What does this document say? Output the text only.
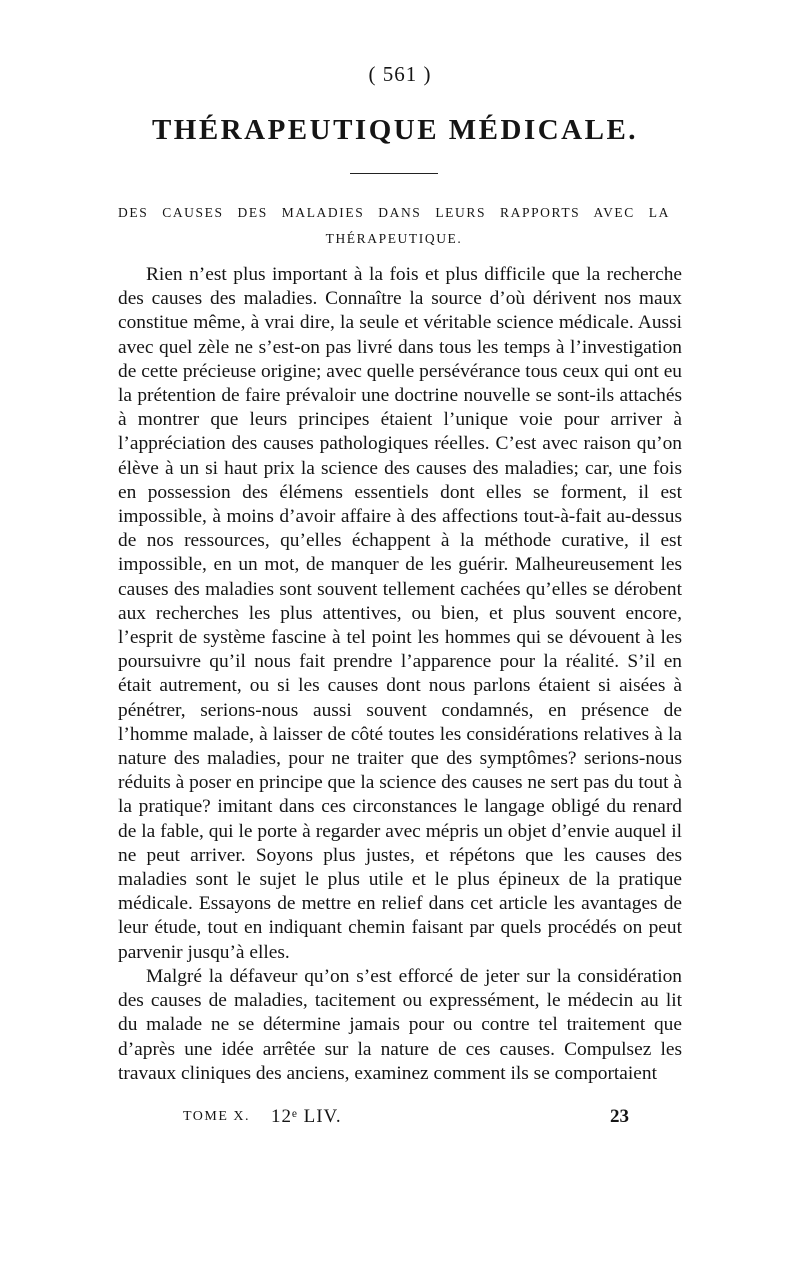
( 561 )
THÉRAPEUTIQUE MÉDICALE.
DES CAUSES DES MALADIES DANS LEURS RAPPORTS AVEC LA
THÉRAPEUTIQUE.

Rien n’est plus important à la fois et plus difficile que la recherche des causes des maladies. Connaître la source d’où dérivent nos maux constitue même, à vrai dire, la seule et véritable science médicale. Aussi avec quel zèle ne s’est-on pas livré dans tous les temps à l’investigation de cette précieuse origine; avec quelle persévérance tous ceux qui ont eu la prétention de faire prévaloir une doctrine nouvelle se sont-ils attachés à montrer que leurs principes étaient l’unique voie pour arriver à l’appréciation des causes pathologiques réelles. C’est avec raison qu’on élève à un si haut prix la science des causes des maladies; car, une fois en possession des élémens essentiels dont elles se forment, il est impossible, à moins d’avoir affaire à des affections tout-à-fait au-dessus de nos ressources, qu’elles échappent à la méthode curative, il est impossible, en un mot, de manquer de les guérir. Malheureusement les causes des maladies sont souvent tellement cachées qu’elles se dérobent aux recherches les plus attentives, ou bien, et plus souvent encore, l’esprit de système fascine à tel point les hommes qui se dévouent à les poursuivre qu’il nous fait prendre l’apparence pour la réalité. S’il en était autrement, ou si les causes dont nous parlons étaient si aisées à pénétrer, serions-nous aussi souvent condamnés, en présence de l’homme malade, à laisser de côté toutes les considérations relatives à la nature des maladies, pour ne traiter que des symptômes? serions-nous réduits à poser en principe que la science des causes ne sert pas du tout à la pratique? imitant dans ces circonstances le langage obligé du renard de la fable, qui le porte à regarder avec mépris un objet d’envie auquel il ne peut arriver. Soyons plus justes, et répétons que les causes des maladies sont le sujet le plus utile et le plus épineux de la pratique médicale. Essayons de mettre en relief dans cet article les avantages de leur étude, tout en indiquant chemin faisant par quels procédés on peut parvenir jusqu’à elles.

Malgré la défaveur qu’on s’est efforcé de jeter sur la considération des causes de maladies, tacitement ou expressément, le médecin au lit du malade ne se détermine jamais pour ou contre tel traitement que d’après une idée arrêtée sur la nature de ces causes. Compulsez les travaux cliniques des anciens, examinez comment ils se comportaient

TOME X. 12ᵉ LIV.	23
